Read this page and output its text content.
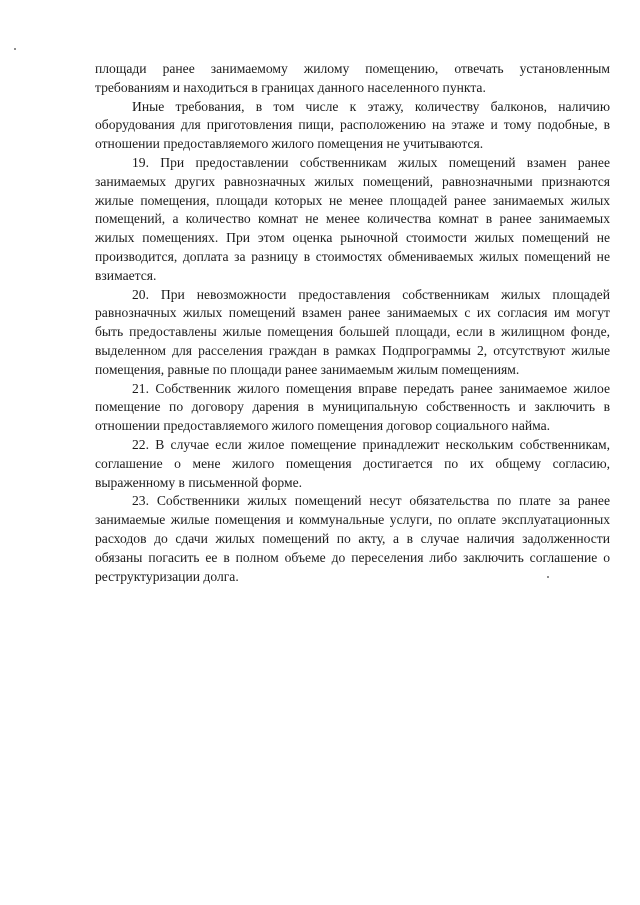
площади ранее занимаемому жилому помещению, отвечать установленным требованиям и находиться в границах данного населенного пункта.

Иные требования, в том числе к этажу, количеству балконов, наличию оборудования для приготовления пищи, расположению на этаже и тому подобные, в отношении предоставляемого жилого помещения не учитываются.

19. При предоставлении собственникам жилых помещений взамен ранее занимаемых других равнозначных жилых помещений, равнозначными признаются жилые помещения, площади которых не менее площадей ранее занимаемых жилых помещений, а количество комнат не менее количества комнат в ранее занимаемых жилых помещениях. При этом оценка рыночной стоимости жилых помещений не производится, доплата за разницу в стоимостях обмениваемых жилых помещений не взимается.

20. При невозможности предоставления собственникам жилых площадей равнозначных жилых помещений взамен ранее занимаемых с их согласия им могут быть предоставлены жилые помещения большей площади, если в жилищном фонде, выделенном для расселения граждан в рамках Подпрограммы 2, отсутствуют жилые помещения, равные по площади ранее занимаемым жилым помещениям.

21. Собственник жилого помещения вправе передать ранее занимаемое жилое помещение по договору дарения в муниципальную собственность и заключить в отношении предоставляемого жилого помещения договор социального найма.

22. В случае если жилое помещение принадлежит нескольким собственникам, соглашение о мене жилого помещения достигается по их общему согласию, выраженному в письменной форме.

23. Собственники жилых помещений несут обязательства по плате за ранее занимаемые жилые помещения и коммунальные услуги, по оплате эксплуатационных расходов до сдачи жилых помещений по акту, а в случае наличия задолженности обязаны погасить ее в полном объеме до переселения либо заключить соглашение о реструктуризации долга.
